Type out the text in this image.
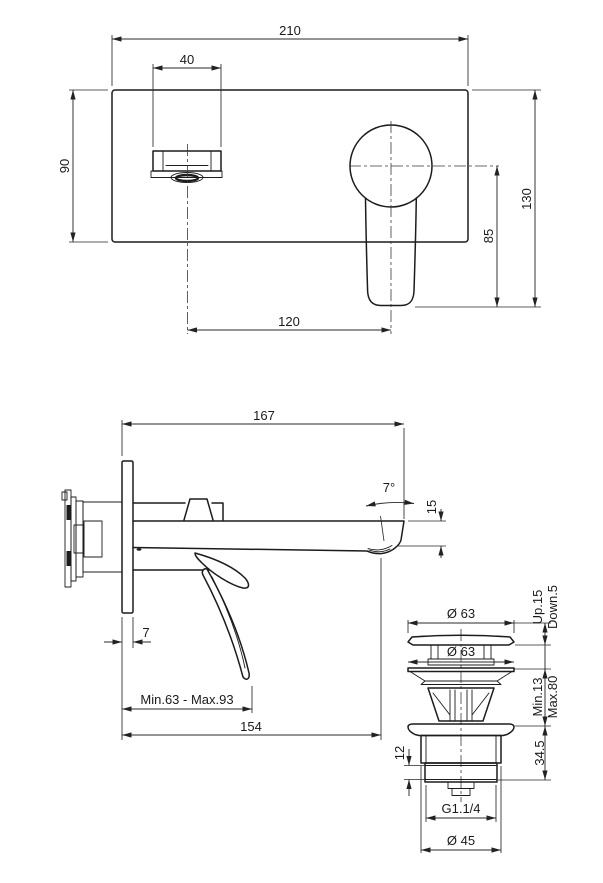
210
40
90
130
85
120
167
7°
15
7
Min.63 - Max.93
154
Ø 63
Ø 63
Up.15 Down.5
Min.13 Max.80
34.5
12
G1.1/4
Ø 45
